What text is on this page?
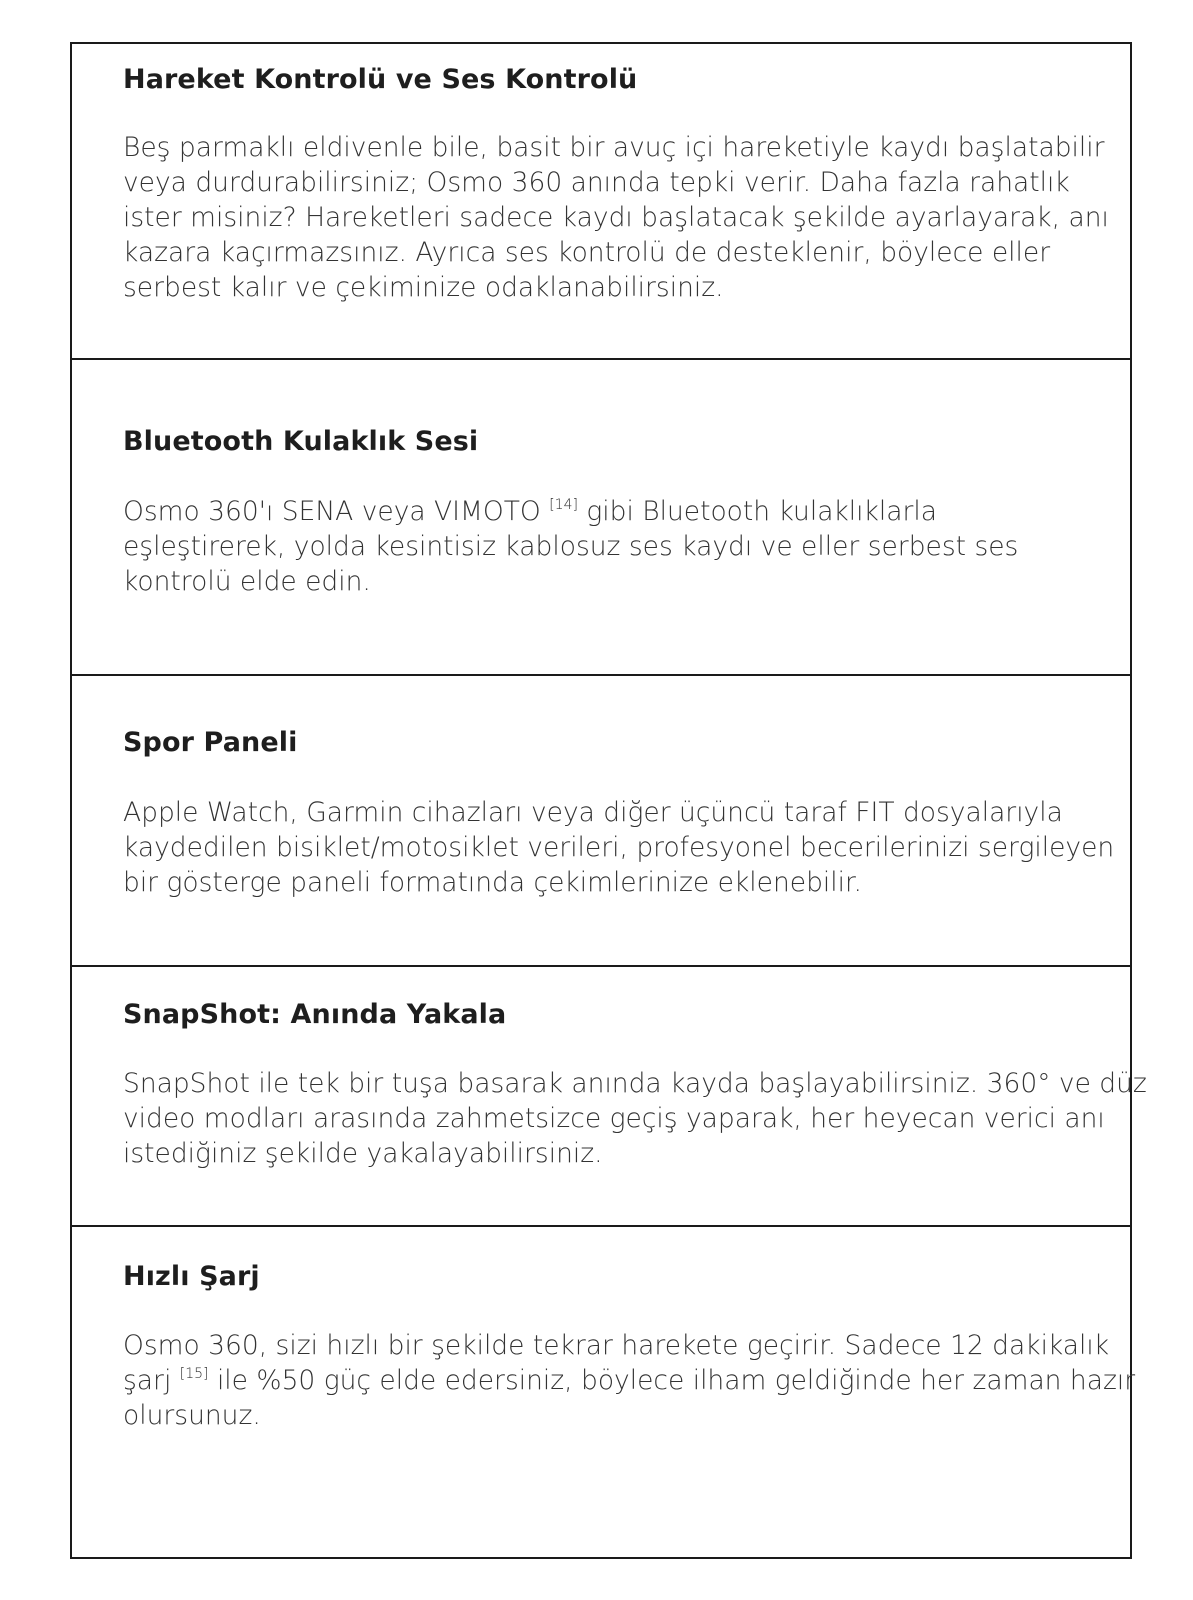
Hareket Kontrolü ve Ses Kontrolü

Beş parmaklı eldivenle bile, basit bir avuç içi hareketiyle kaydı başlatabilir
veya durdurabilirsiniz; Osmo 360 anında tepki verir. Daha fazla rahatlık
ister misiniz? Hareketleri sadece kaydı başlatacak şekilde ayarlayarak, anı
kazara kaçırmazsınız. Ayrıca ses kontrolü de desteklenir, böylece eller
serbest kalır ve çekiminize odaklanabilirsiniz.

Bluetooth Kulaklık Sesi

Osmo 360'ı SENA veya VIMOTO [14] gibi Bluetooth kulaklıklarla
eşleştirerek, yolda kesintisiz kablosuz ses kaydı ve eller serbest ses
kontrolü elde edin.

Spor Paneli

Apple Watch, Garmin cihazları veya diğer üçüncü taraf FIT dosyalarıyla
kaydedilen bisiklet/motosiklet verileri, profesyonel becerilerinizi sergileyen
bir gösterge paneli formatında çekimlerinize eklenebilir.

SnapShot: Anında Yakala

SnapShot ile tek bir tuşa basarak anında kayda başlayabilirsiniz. 360° ve düz
video modları arasında zahmetsizce geçiş yaparak, her heyecan verici anı
istediğiniz şekilde yakalayabilirsiniz.

Hızlı Şarj

Osmo 360, sizi hızlı bir şekilde tekrar harekete geçirir. Sadece 12 dakikalık
şarj [15] ile %50 güç elde edersiniz, böylece ilham geldiğinde her zaman hazır
olursunuz.
